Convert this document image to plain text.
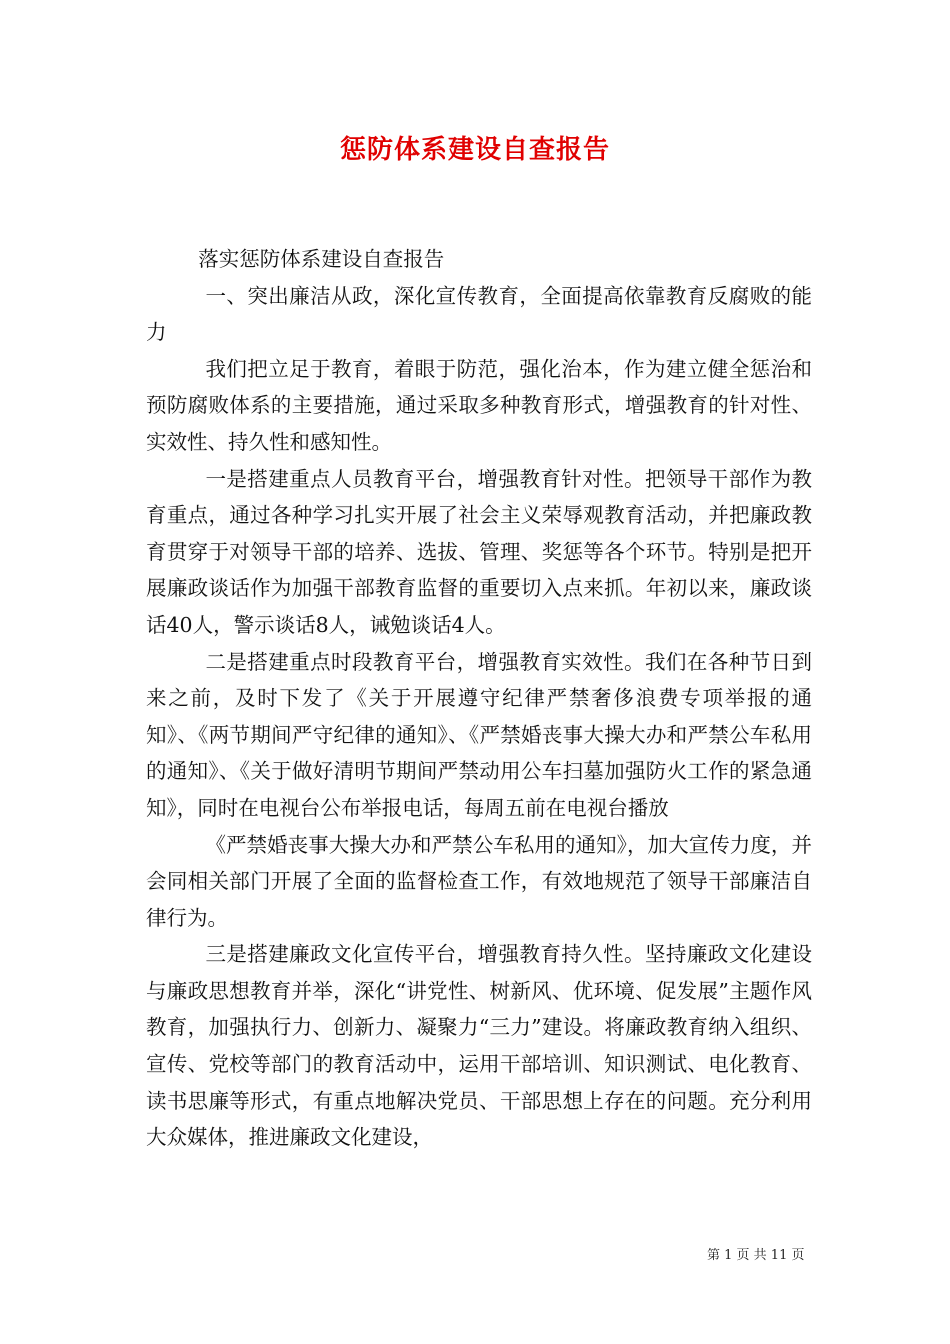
惩防体系建设自查报告

落实惩防体系建设自查报告

一、突出廉洁从政，深化宣传教育，全面提高依靠教育反腐败的能力

我们把立足于教育，着眼于防范，强化治本，作为建立健全惩治和预防腐败体系的主要措施，通过采取多种教育形式，增强教育的针对性、实效性、持久性和感知性。

一是搭建重点人员教育平台，增强教育针对性。把领导干部作为教育重点，通过各种学习扎实开展了社会主义荣辱观教育活动，并把廉政教育贯穿于对领导干部的培养、选拔、管理、奖惩等各个环节。特别是把开展廉政谈话作为加强干部教育监督的重要切入点来抓。年初以来，廉政谈话40人，警示谈话8人，诫勉谈话4人。

二是搭建重点时段教育平台，增强教育实效性。我们在各种节日到来之前，及时下发了《关于开展遵守纪律严禁奢侈浪费专项举报的通知》、《两节期间严守纪律的通知》、《严禁婚丧事大操大办和严禁公车私用的通知》、《关于做好清明节期间严禁动用公车扫墓加强防火工作的紧急通知》，同时在电视台公布举报电话，每周五前在电视台播放

《严禁婚丧事大操大办和严禁公车私用的通知》，加大宣传力度，并会同相关部门开展了全面的监督检查工作，有效地规范了领导干部廉洁自律行为。

三是搭建廉政文化宣传平台，增强教育持久性。坚持廉政文化建设与廉政思想教育并举，深化“讲党性、树新风、优环境、促发展”主题作风教育，加强执行力、创新力、凝聚力“三力”建设。将廉政教育纳入组织、宣传、党校等部门的教育活动中，运用干部培训、知识测试、电化教育、读书思廉等形式，有重点地解决党员、干部思想上存在的问题。充分利用大众媒体，推进廉政文化建设，

第 1 页 共 11 页
